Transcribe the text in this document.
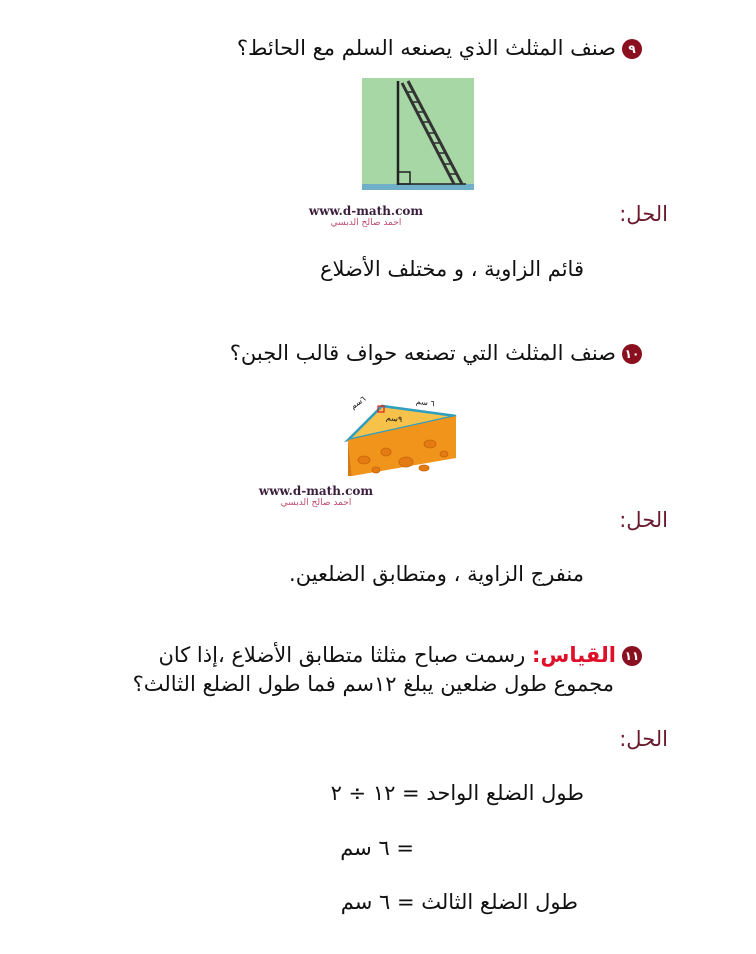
٩صنف المثلث الذي يصنعه السلم مع الحائط؟
www.d-math.com
احمد صالح الدبسي	الحل:
قائم الزاوية ، و مختلف الأضلاع
١٠صنف المثلث التي تصنعه حواف قالب الجبن؟
٦سم	٦ سم
٩سم
www.d-math.com
احمد صالح الدبسي
الحل:
منفرج الزاوية ، ومتطابق الضلعين.
١١القياس: رسمت صباح مثلثا متطابق الأضلاع ،إذا كان
مجموع طول ضلعين يبلغ ١٢سم فما طول الضلع الثالث؟
الحل:
طول الضلع الواحد = ١٢ ÷ ٢
= ٦ سم
طول الضلع الثالث = ٦ سم
